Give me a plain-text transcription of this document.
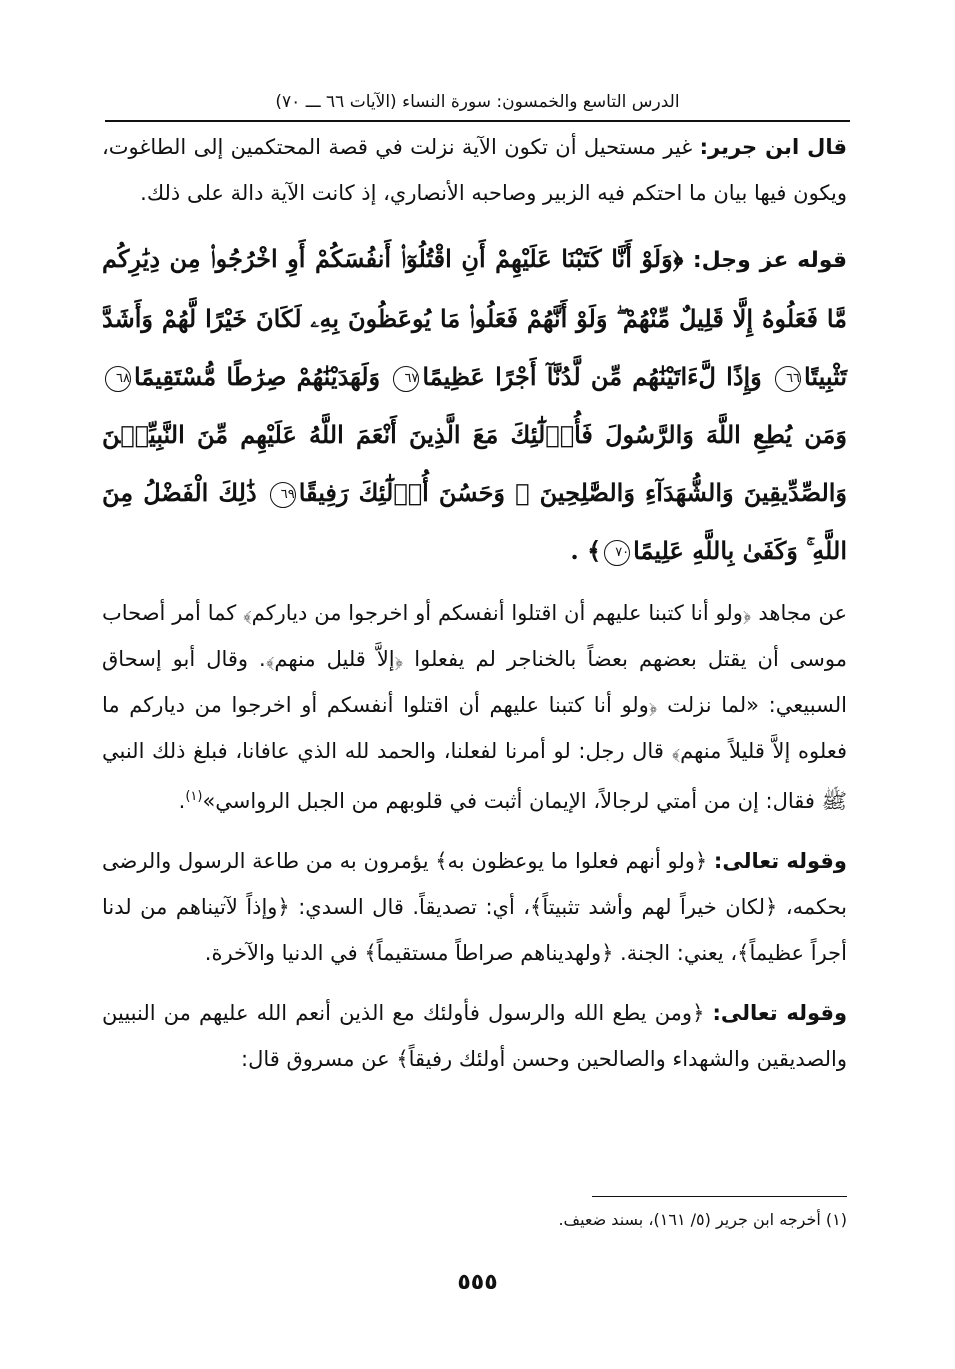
الدرس التاسع والخمسون: سورة النساء (الآيات ٦٦ ـــ ٧٠)

قال ابن جرير: غير مستحيل أن تكون الآية نزلت في قصة المحتكمين إلى الطاغوت، ويكون فيها بيان ما احتكم فيه الزبير وصاحبه الأنصاري، إذ كانت الآية دالة على ذلك.

قوله عز وجل: ﴿وَلَوْ أَنَّا كَتَبْنَا عَلَيْهِمْ أَنِ اقْتُلُوٓا۟ أَنفُسَكُمْ أَوِ اخْرُجُوا۟ مِن دِيَٰرِكُم مَّا فَعَلُوهُ إِلَّا قَلِيلٌ مِّنْهُمْ ۖ وَلَوْ أَنَّهُمْ فَعَلُوا۟ مَا يُوعَظُونَ بِهِۦ لَكَانَ خَيْرًا لَّهُمْ وَأَشَدَّ تَثْبِيتًا٦٦ وَإِذًا لَّءَاتَيْنَٰهُم مِّن لَّدُنَّآ أَجْرًا عَظِيمًا٦٧ وَلَهَدَيْنَٰهُمْ صِرَٰطًا مُّسْتَقِيمًا٦٨ وَمَن يُطِعِ اللَّهَ وَالرَّسُولَ فَأُو۟لَٰٓئِكَ مَعَ الَّذِينَ أَنْعَمَ اللَّهُ عَلَيْهِم مِّنَ النَّبِيِّـۧنَ وَالصِّدِّيقِينَ وَالشُّهَدَآءِ وَالصَّٰلِحِينَ ۚ وَحَسُنَ أُو۟لَٰٓئِكَ رَفِيقًا٦٩ ذَٰلِكَ الْفَضْلُ مِنَ اللَّهِ ۚ وَكَفَىٰ بِاللَّهِ عَلِيمًا٧٠﴾ .

عن مجاهد ﴿ولو أنا كتبنا عليهم أن اقتلوا أنفسكم أو اخرجوا من دياركم﴾ كما أمر أصحاب موسى أن يقتل بعضهم بعضاً بالخناجر لم يفعلوا ﴿إلاَّ قليل منهم﴾. وقال أبو إسحاق السبيعي: «لما نزلت ﴿ولو أنا كتبنا عليهم أن اقتلوا أنفسكم أو اخرجوا من دياركم ما فعلوه إلاَّ قليلاً منهم﴾ قال رجل: لو أمرنا لفعلنا، والحمد لله الذي عافانا، فبلغ ذلك النبي ﷺ فقال: إن من أمتي لرجالاً، الإيمان أثبت في قلوبهم من الجبل الرواسي»$^{(١)}$.

وقوله تعالى: ﴿ولو أنهم فعلوا ما يوعظون به﴾ يؤمرون به من طاعة الرسول والرضى بحكمه، ﴿لكان خيراً لهم وأشد تثبيتاً﴾، أي: تصديقاً. قال السدي: ﴿وإذاً لآتيناهم من لدنا أجراً عظيماً﴾، يعني: الجنة. ﴿ولهديناهم صراطاً مستقيماً﴾ في الدنيا والآخرة.

وقوله تعالى: ﴿ومن يطع الله والرسول فأولئك مع الذين أنعم الله عليهم من النبيين والصديقين والشهداء والصالحين وحسن أولئك رفيقاً﴾ عن مسروق قال:

(١) أخرجه ابن جرير (٥/ ١٦١)، بسند ضعيف.
٥٥٥
